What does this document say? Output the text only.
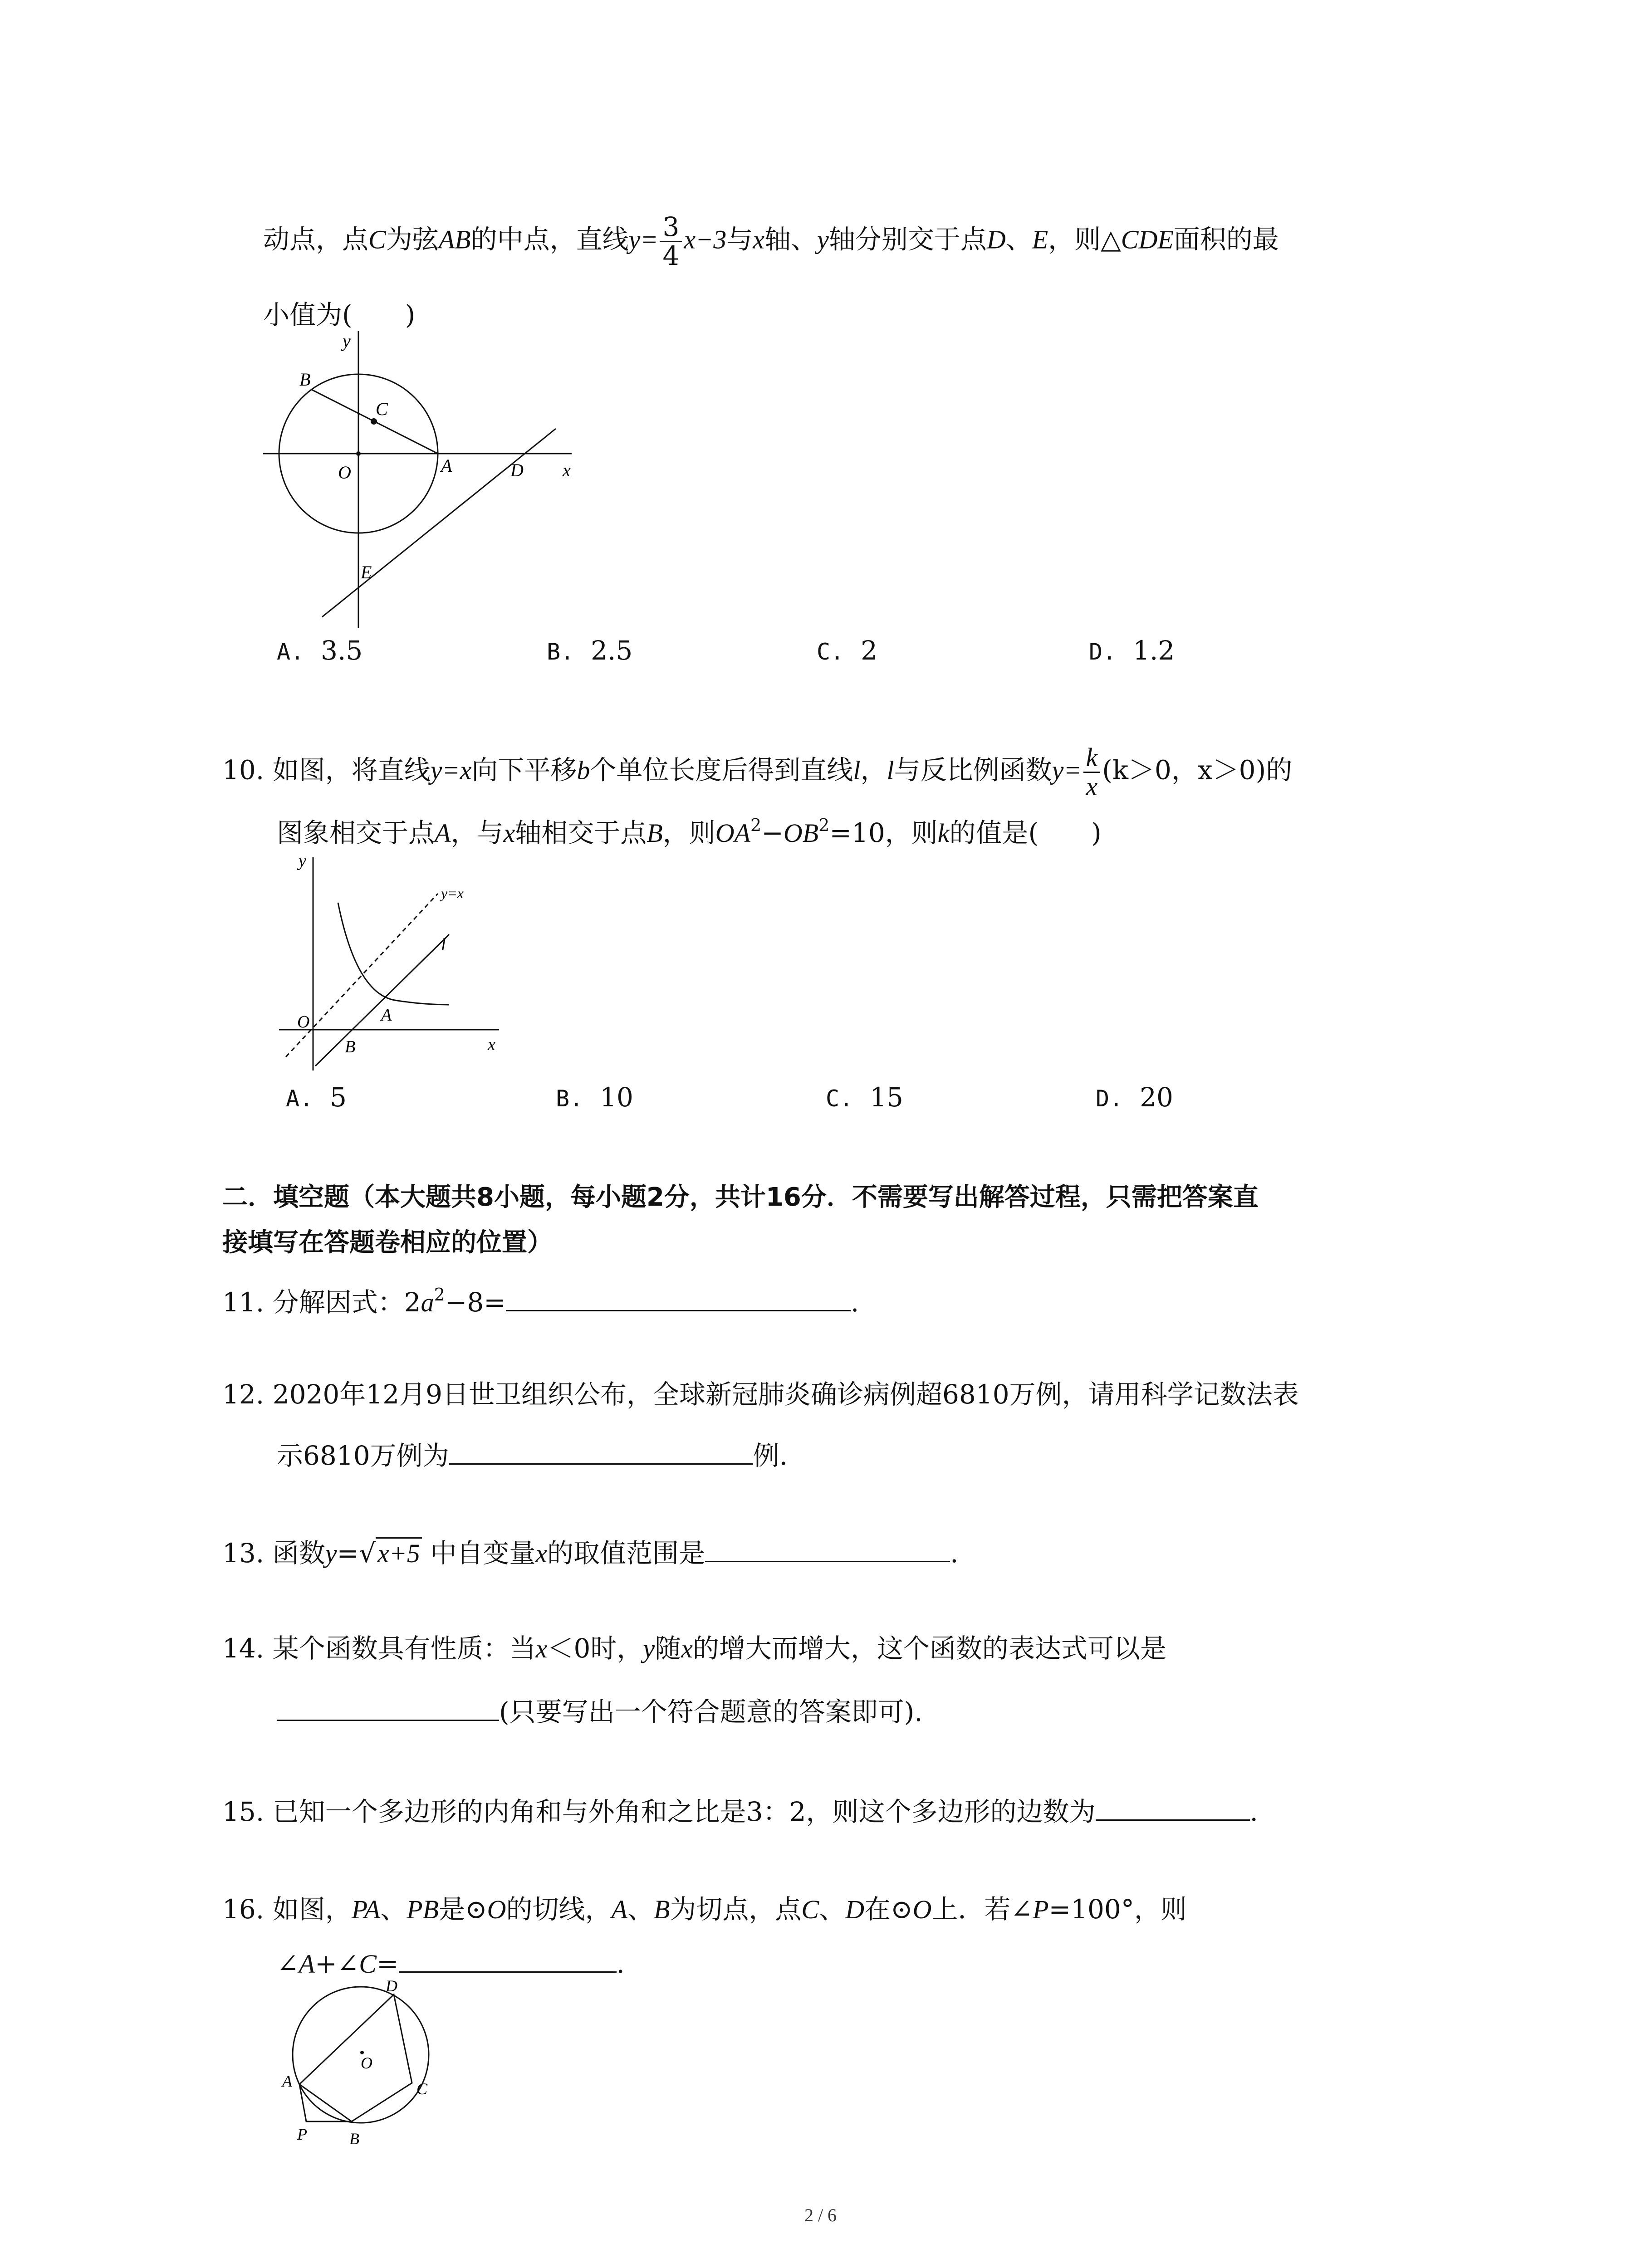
动点，点C为弦AB的中点，直线$y= \frac{3}{4} x-3$与x轴、y轴分别交于点D、E，则△CDE面积的最
小值为(　　)
y
B
C
O	A	D x
E
A. 3.5	B. 2.5	C. 2	D. 1.2
10. 如图，将直线y=x向下平移b个单位长度后得到直线l，l与反比例函数$y= \frac{k}{x} (k>0$，x＞0)的
图象相交于点A，与x轴相交于点B，则$OA^2-OB^2=10$，则k的值是(　　)
y
y=x
l
O	A
B	x
A. 5	B. 10	C. 15	D. 20
二．填空题（本大题共8小题，每小题2分，共计16分．不需要写出解答过程，只需把答案直
接填写在答题卷相应的位置）
11. 分解因式：$2a^2-8=$	.
12. 2020年12月9日世卫组织公布，全球新冠肺炎确诊病例超6810万例，请用科学记数法表
示6810万例为	例.
13. 函数y=√x+5 中自变量x的取值范围是	.
14. 某个函数具有性质：当x＜0时，y随x的增大而增大，这个函数的表达式可以是
(只要写出一个符合题意的答案即可).
15. 已知一个多边形的内角和与外角和之比是3：2，则这个多边形的边数为	.
16. 如图，PA、PB是⊙O的切线，A、B为切点，点C、D在⊙O上．若∠P=100°，则
∠A+∠C=	.
D
A
O
C
P	B
2 / 6
